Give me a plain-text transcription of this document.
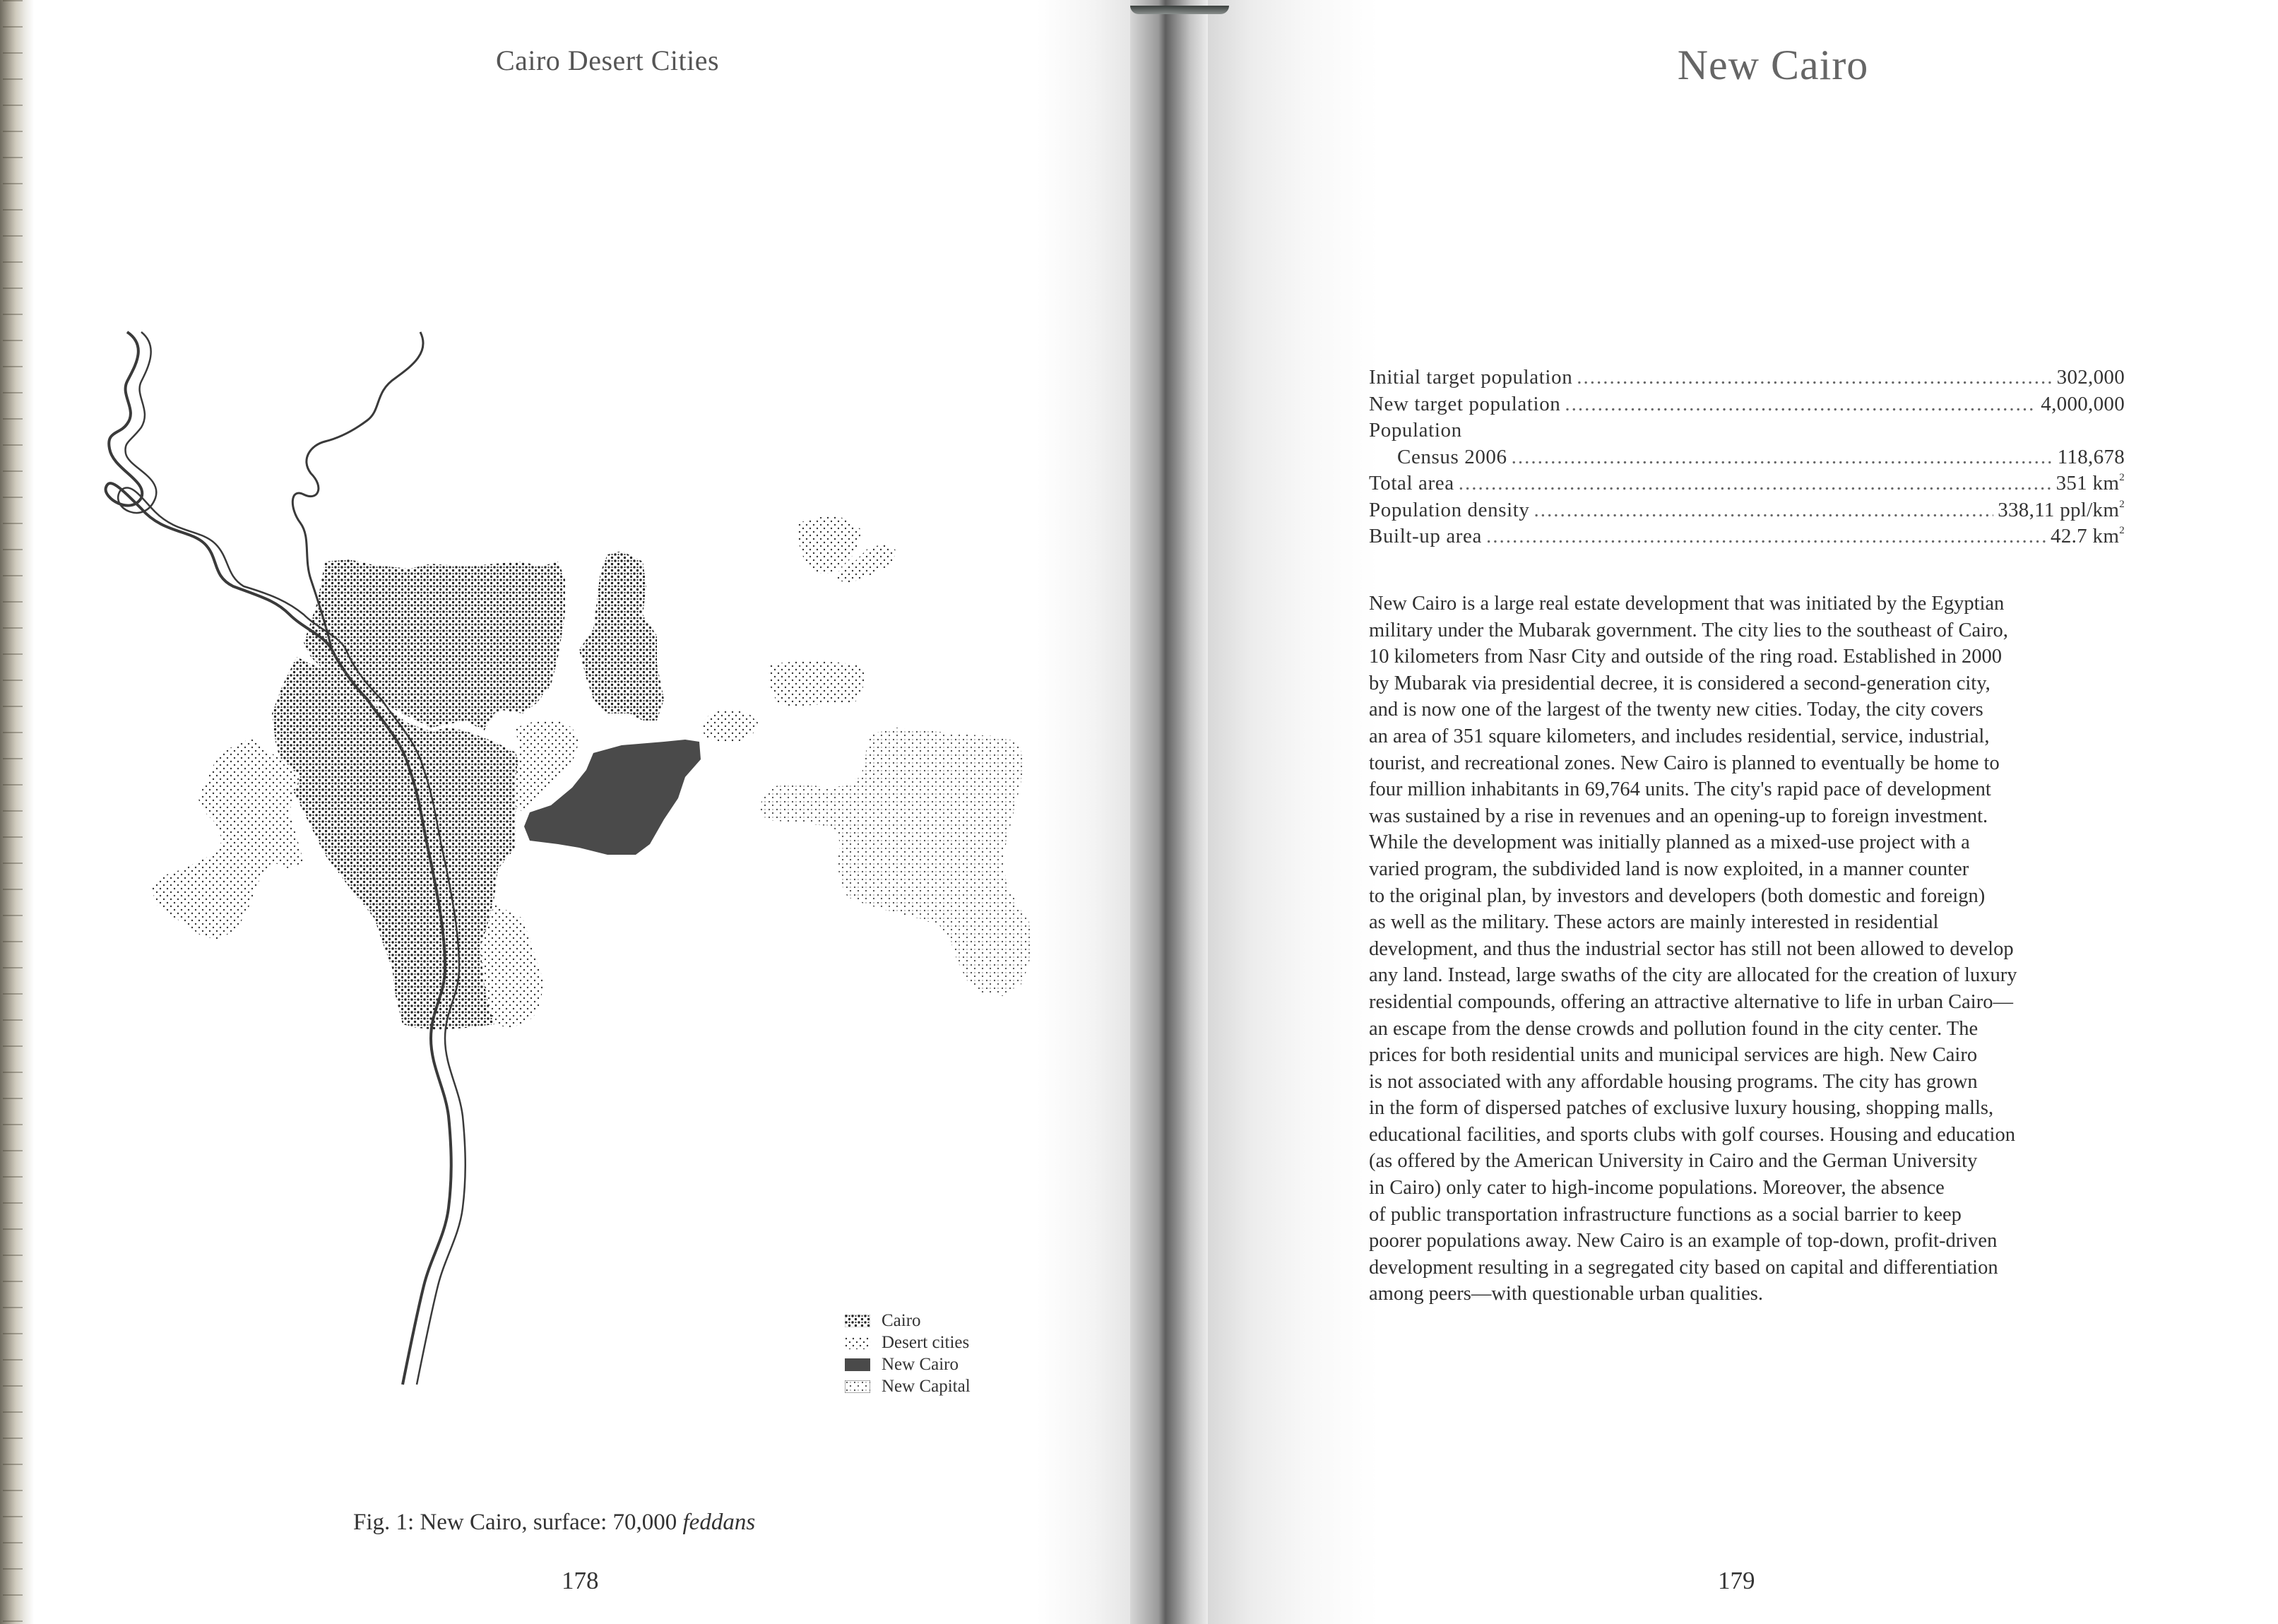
Cairo Desert Cities	New Cairo
Cairo
Desert cities
New Cairo
New Capital
Fig. 1: New Cairo, surface: 70,000 feddans
178
Initial target population .....	302,000
New target population .....	4,000,000
Population
Census 2006 .....	118,678
Total area .....	351 $km^2$
Population density .....	338,11 ppl/$km^2$
Built-up area .....	42.7 $km^2$
New Cairo is a large real estate development that was initiated by the Egyptian
military under the Mubarak government. The city lies to the southeast of Cairo,
10 kilometers from Nasr City and outside of the ring road. Established in 2000
by Mubarak via presidential decree, it is considered a second-generation city,
and is now one of the largest of the twenty new cities. Today, the city covers
an area of 351 square kilometers, and includes residential, service, industrial,
tourist, and recreational zones. New Cairo is planned to eventually be home to
four million inhabitants in 69,764 units. The city's rapid pace of development
was sustained by a rise in revenues and an opening-up to foreign investment.
While the development was initially planned as a mixed-use project with a
varied program, the subdivided land is now exploited, in a manner counter
to the original plan, by investors and developers (both domestic and foreign)
as well as the military. These actors are mainly interested in residential
development, and thus the industrial sector has still not been allowed to develop
any land. Instead, large swaths of the city are allocated for the creation of luxury
residential compounds, offering an attractive alternative to life in urban Cairo—
an escape from the dense crowds and pollution found in the city center. The
prices for both residential units and municipal services are high. New Cairo
is not associated with any affordable housing programs. The city has grown
in the form of dispersed patches of exclusive luxury housing, shopping malls,
educational facilities, and sports clubs with golf courses. Housing and education
(as offered by the American University in Cairo and the German University
in Cairo) only cater to high-income populations. Moreover, the absence
of public transportation infrastructure functions as a social barrier to keep
poorer populations away. New Cairo is an example of top-down, profit-driven
development resulting in a segregated city based on capital and differentiation
among peers—with questionable urban qualities.
179
